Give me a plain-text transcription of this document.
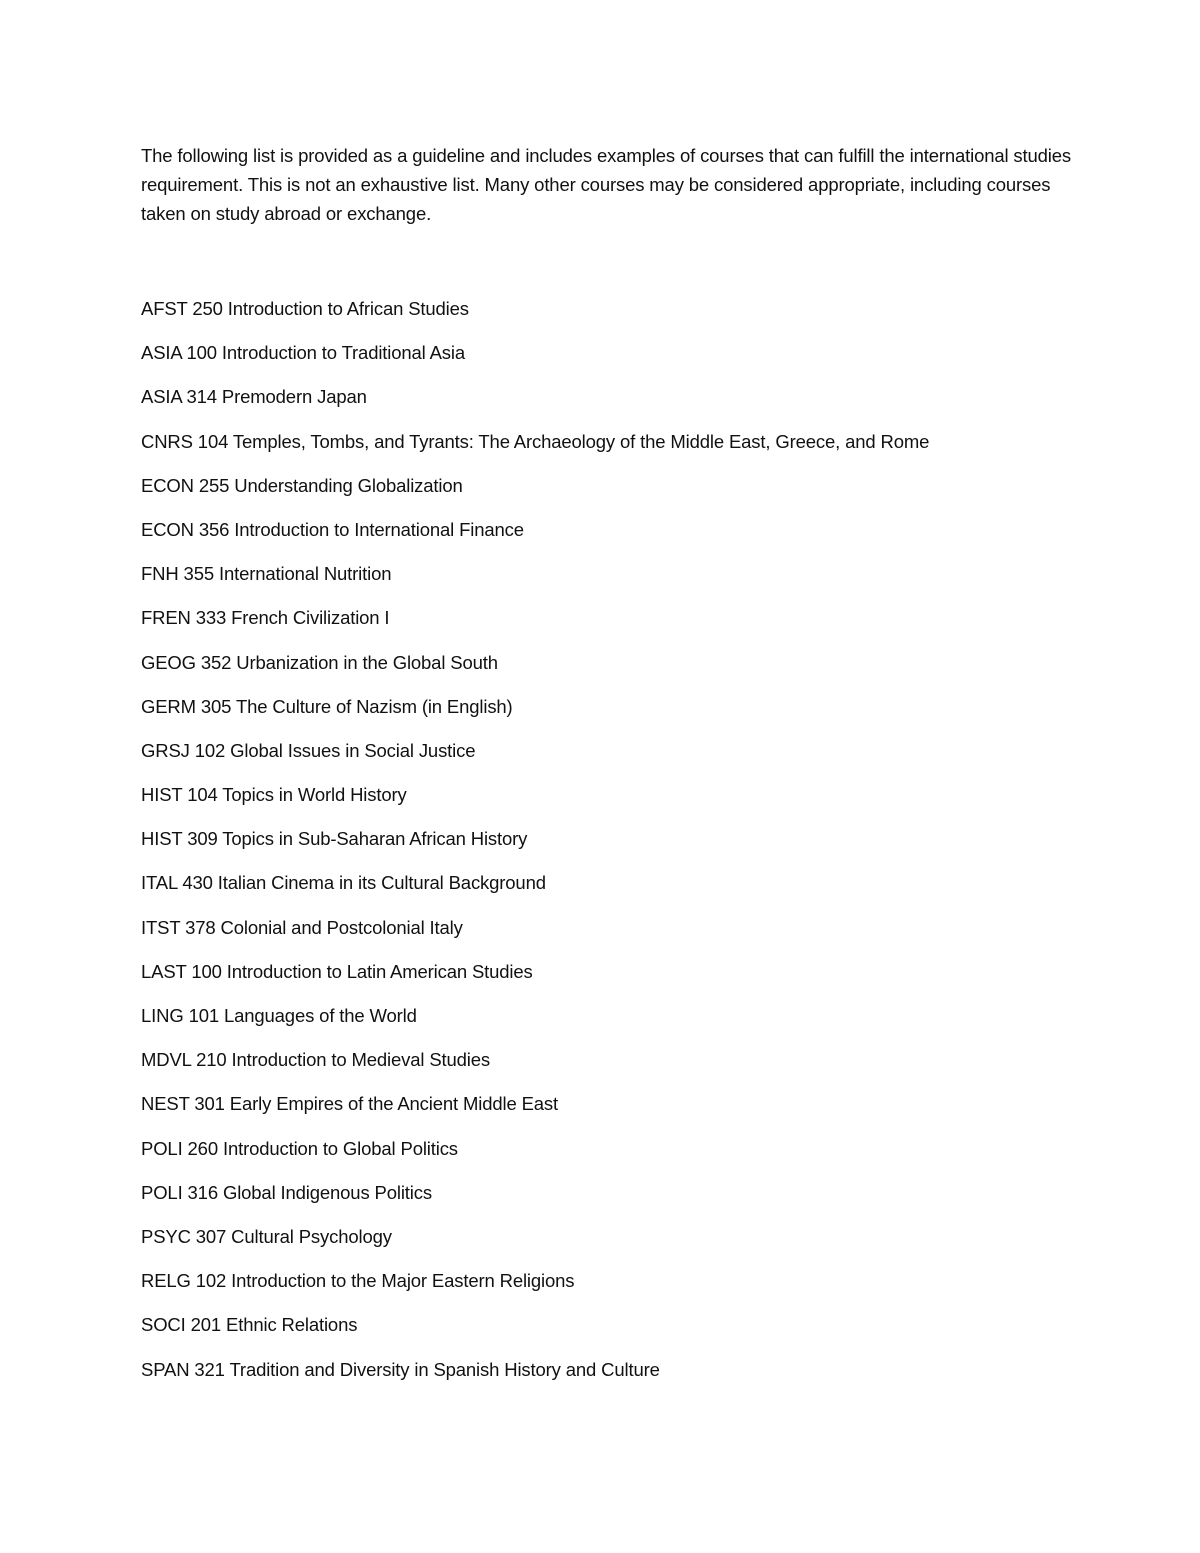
The following list is provided as a guideline and includes examples of courses that can fulfill the international studies requirement. This is not an exhaustive list. Many other courses may be considered appropriate, including courses taken on study abroad or exchange.

AFST 250 Introduction to African Studies
ASIA 100 Introduction to Traditional Asia
ASIA 314 Premodern Japan
CNRS 104 Temples, Tombs, and Tyrants: The Archaeology of the Middle East, Greece, and Rome
ECON 255 Understanding Globalization
ECON 356 Introduction to International Finance
FNH 355 International Nutrition
FREN 333 French Civilization I
GEOG 352 Urbanization in the Global South
GERM 305 The Culture of Nazism (in English)
GRSJ 102 Global Issues in Social Justice
HIST 104 Topics in World History
HIST 309 Topics in Sub-Saharan African History
ITAL 430 Italian Cinema in its Cultural Background
ITST 378 Colonial and Postcolonial Italy
LAST 100 Introduction to Latin American Studies
LING 101 Languages of the World
MDVL 210 Introduction to Medieval Studies
NEST 301 Early Empires of the Ancient Middle East
POLI 260 Introduction to Global Politics
POLI 316 Global Indigenous Politics
PSYC 307 Cultural Psychology
RELG 102 Introduction to the Major Eastern Religions
SOCI 201 Ethnic Relations
SPAN 321 Tradition and Diversity in Spanish History and Culture
